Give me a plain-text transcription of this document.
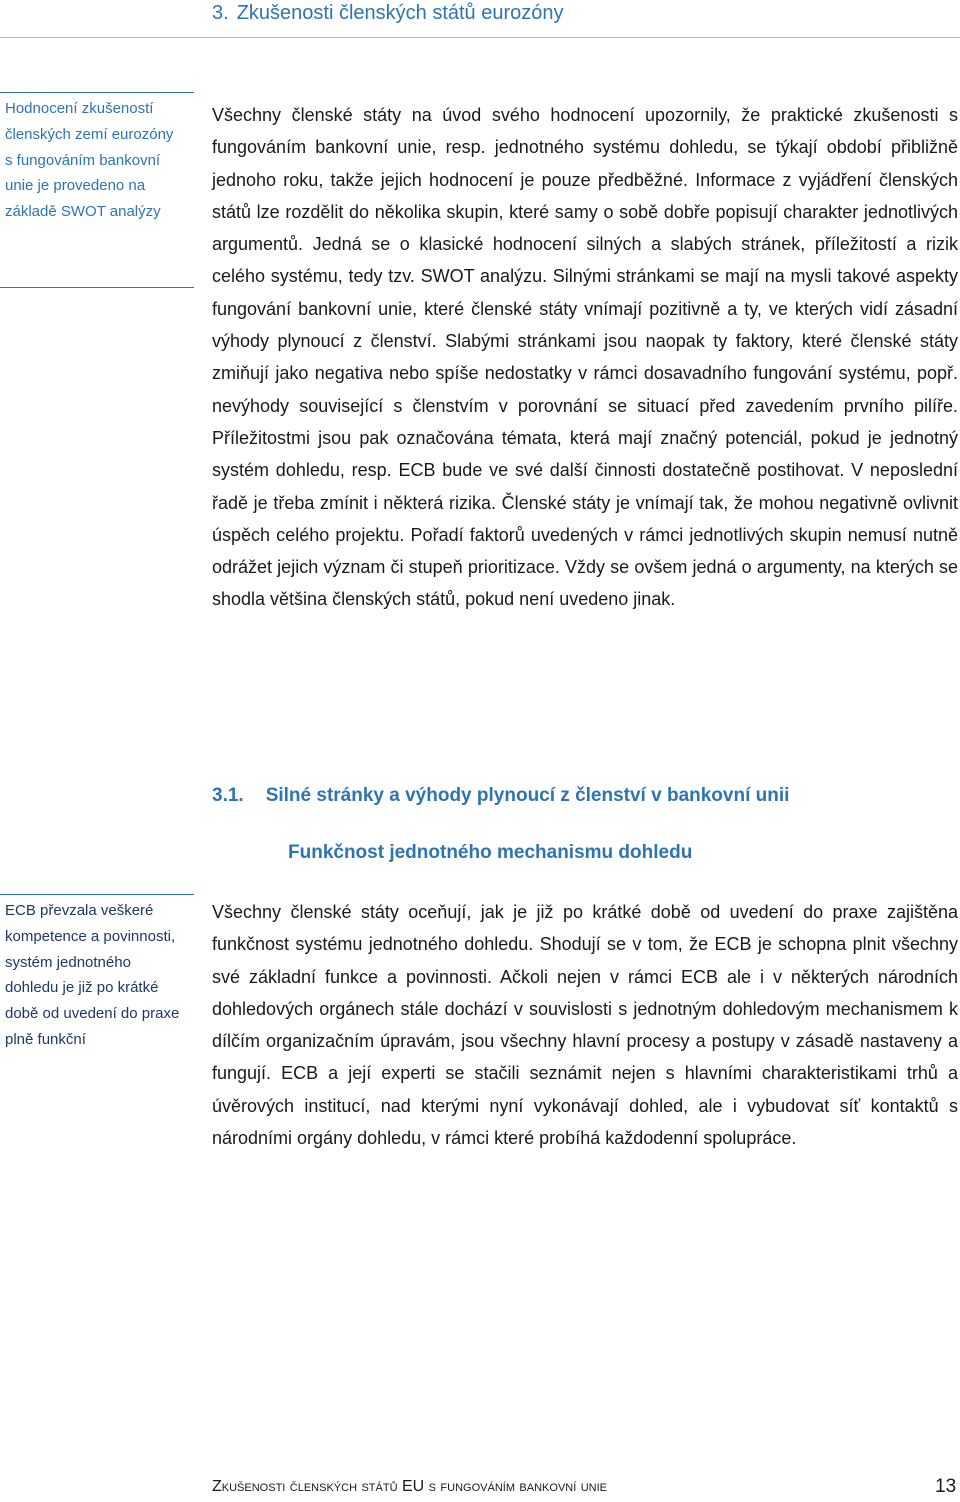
3. Zkušenosti členských států eurozóny

Hodnocení zkušeností členských zemí eurozóny s fungováním bankovní unie je provedeno na základě SWOT analýzy

Všechny členské státy na úvod svého hodnocení upozornily, že praktické zkušenosti s fungováním bankovní unie, resp. jednotného systému dohledu, se týkají období přibližně jednoho roku, takže jejich hodnocení je pouze předběžné. Informace z vyjádření členských států lze rozdělit do několika skupin, které samy o sobě dobře popisují charakter jednotlivých argumentů. Jedná se o klasické hodnocení silných a slabých stránek, příležitostí a rizik celého systému, tedy tzv. SWOT analýzu. Silnými stránkami se mají na mysli takové aspekty fungování bankovní unie, které členské státy vnímají pozitivně a ty, ve kterých vidí zásadní výhody plynoucí z členství. Slabými stránkami jsou naopak ty faktory, které členské státy zmiňují jako negativa nebo spíše nedostatky v rámci dosavadního fungování systému, popř. nevýhody související s členstvím v porovnání se situací před zavedením prvního pilíře. Příležitostmi jsou pak označována témata, která mají značný potenciál, pokud je jednotný systém dohledu, resp. ECB bude ve své další činnosti dostatečně postihovat. V neposlední řadě je třeba zmínit i některá rizika. Členské státy je vnímají tak, že mohou negativně ovlivnit úspěch celého projektu. Pořadí faktorů uvedených v rámci jednotlivých skupin nemusí nutně odrážet jejich význam či stupeň prioritizace. Vždy se ovšem jedná o argumenty, na kterých se shodla většina členských států, pokud není uvedeno jinak.

3.1. Silné stránky a výhody plynoucí z členství v bankovní unii
Funkčnost jednotného mechanismu dohledu

ECB převzala veškeré kompetence a povinnosti, systém jednotného dohledu je již po krátké době od uvedení do praxe plně funkční

Všechny členské státy oceňují, jak je již po krátké době od uvedení do praxe zajištěna funkčnost systému jednotného dohledu. Shodují se v tom, že ECB je schopna plnit všechny své základní funkce a povinnosti. Ačkoli nejen v rámci ECB ale i v některých národních dohledových orgánech stále dochází v souvislosti s jednotným dohledovým mechanismem k dílčím organizačním úpravám, jsou všechny hlavní procesy a postupy v zásadě nastaveny a fungují. ECB a její experti se stačili seznámit nejen s hlavními charakteristikami trhů a úvěrových institucí, nad kterými nyní vykonávají dohled, ale i vybudovat síť kontaktů s národními orgány dohledu, v rámci které probíhá každodenní spolupráce.

Zkušenosti členských států EU s fungováním bankovní unie	13
